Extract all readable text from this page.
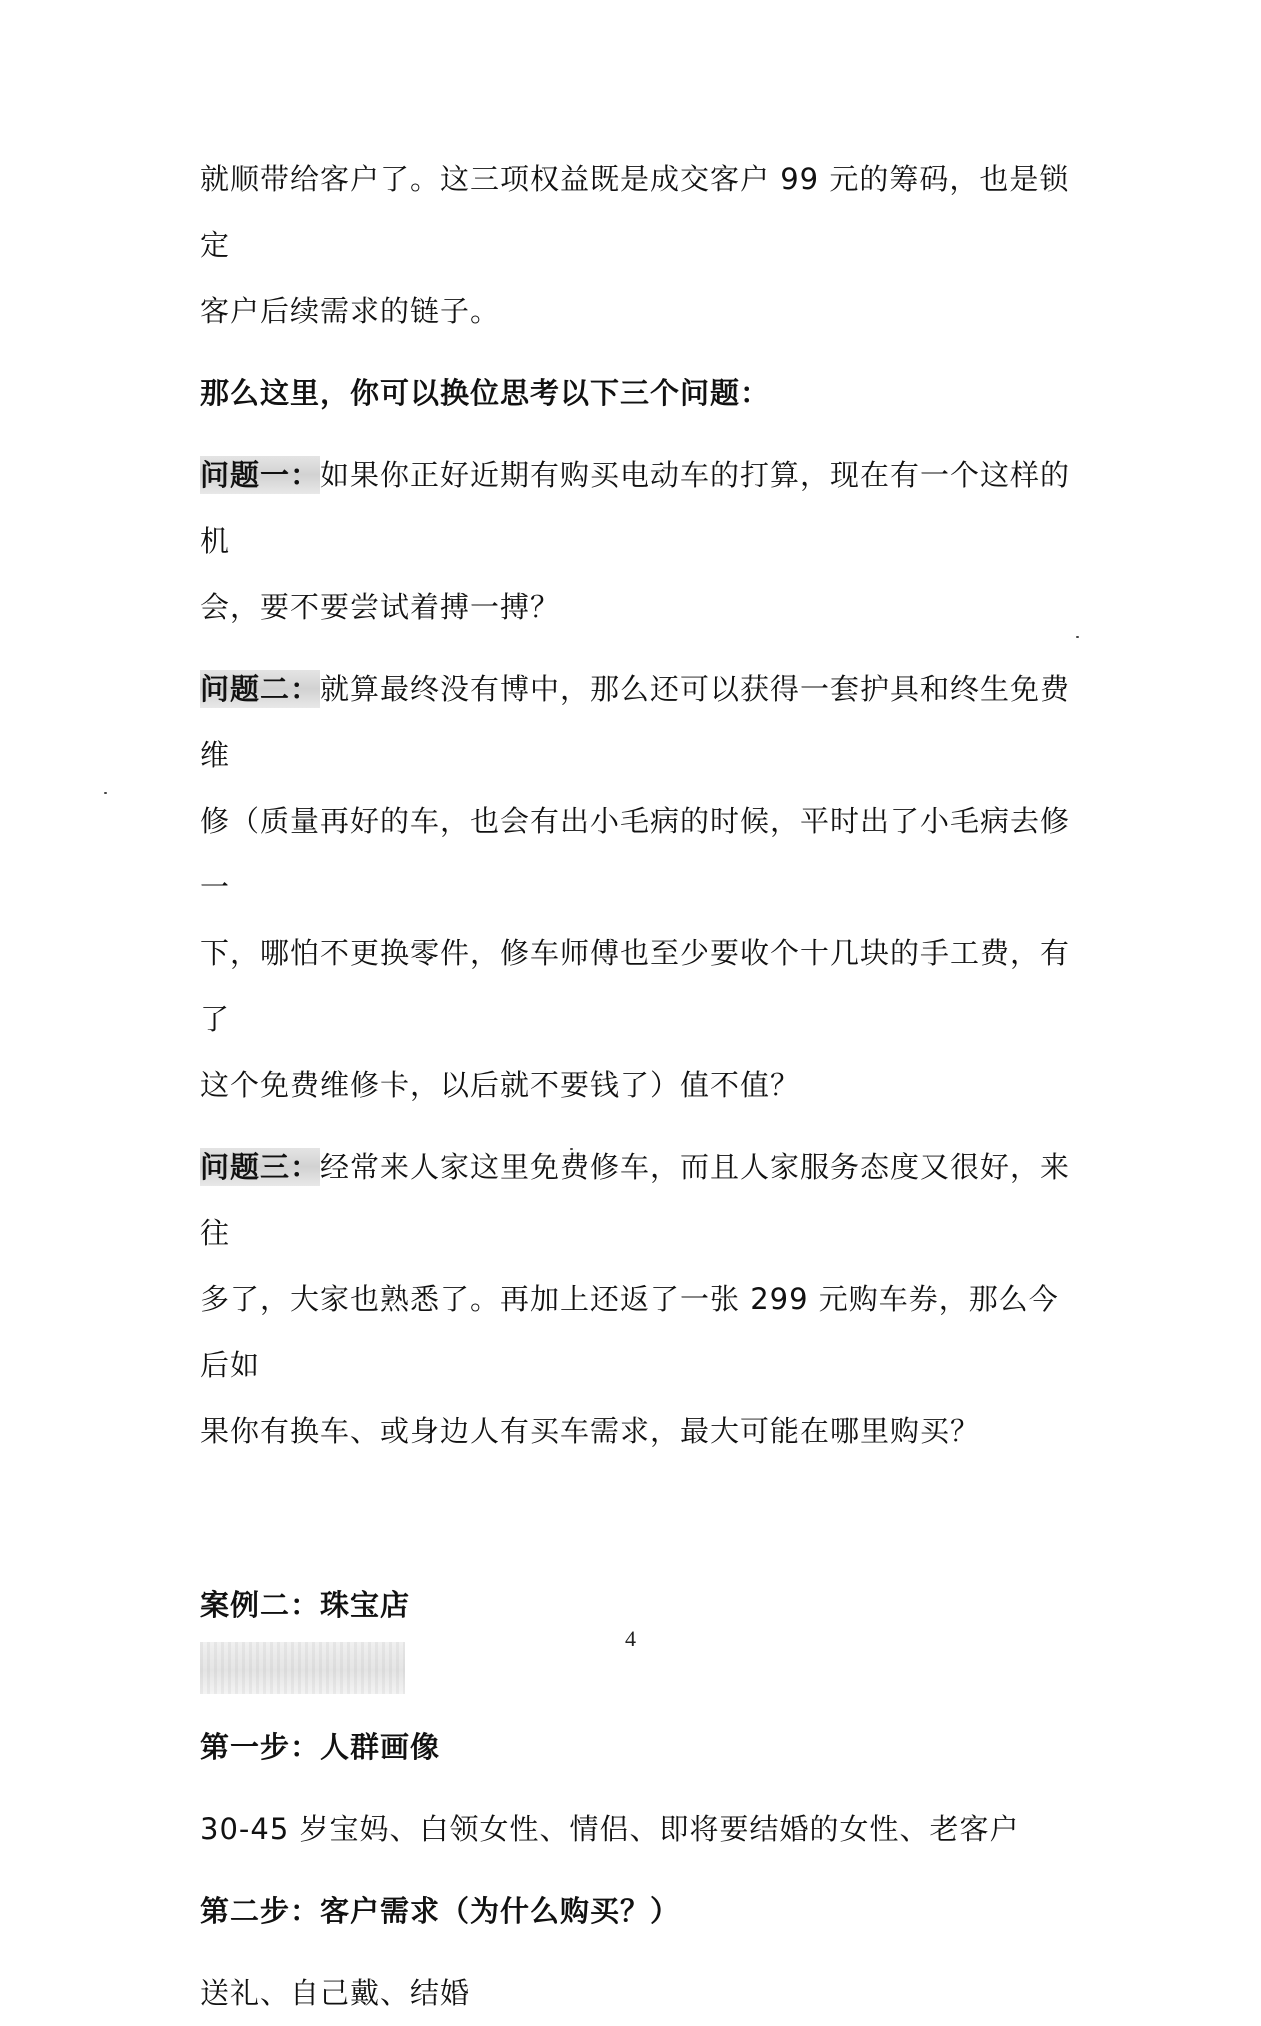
就顺带给客户了。这三项权益既是成交客户 99 元的筹码，也是锁定

客户后续需求的链子。

那么这里，你可以换位思考以下三个问题：

问题一：如果你正好近期有购买电动车的打算，现在有一个这样的机

会，要不要尝试着搏一搏？

问题二：就算最终没有博中，那么还可以获得一套护具和终生免费维

修（质量再好的车，也会有出小毛病的时候，平时出了小毛病去修一

下，哪怕不更换零件，修车师傅也至少要收个十几块的手工费，有了

这个免费维修卡，以后就不要钱了）值不值？

问题三：经常来人家这里免费修车，而且人家服务态度又很好，来往

多了，大家也熟悉了。再加上还返了一张 299 元购车券，那么今后如

果你有换车、或身边人有买车需求，最大可能在哪里购买？

案例二：珠宝店

第一步：人群画像

30-45 岁宝妈、白领女性、情侣、即将要结婚的女性、老客户

第二步：客户需求（为什么购买？）

送礼、自己戴、结婚

4
